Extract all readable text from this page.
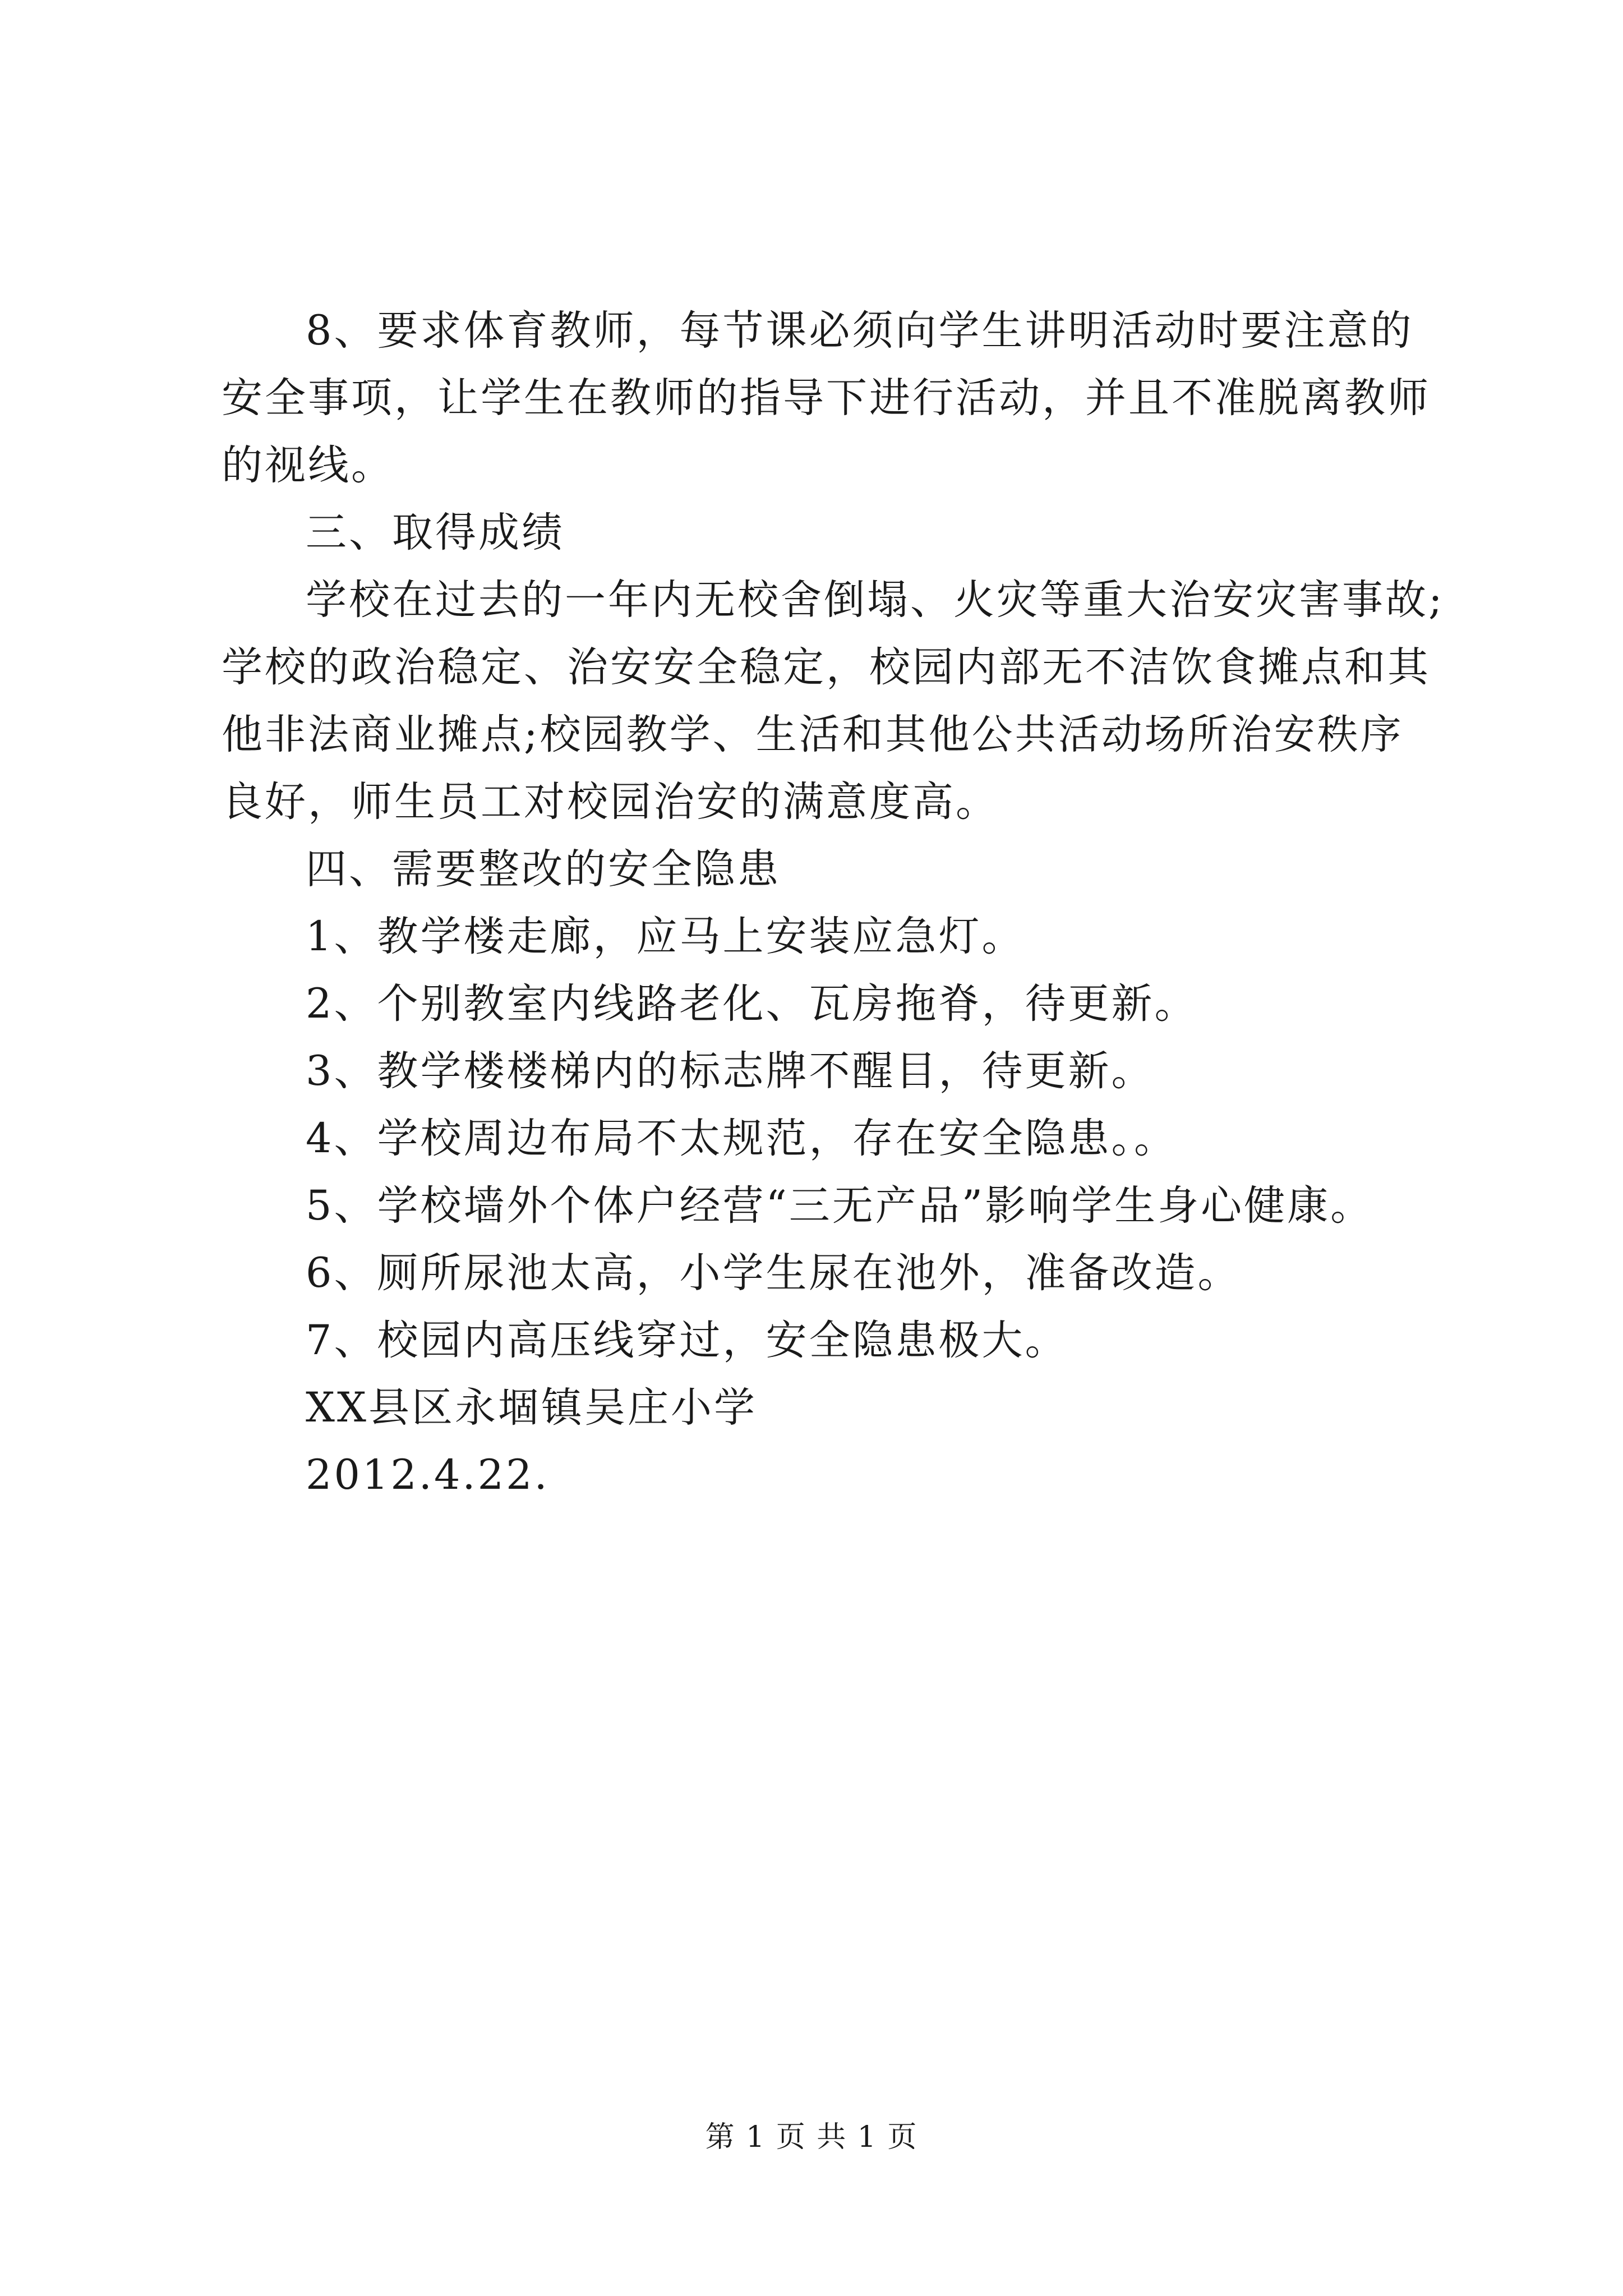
8、要求体育教师，每节课必须向学生讲明活动时要注意的
安全事项，让学生在教师的指导下进行活动，并且不准脱离教师
的视线。
三、取得成绩
学校在过去的一年内无校舍倒塌、火灾等重大治安灾害事故;
学校的政治稳定、治安安全稳定，校园内部无不洁饮食摊点和其
他非法商业摊点;校园教学、生活和其他公共活动场所治安秩序
良好，师生员工对校园治安的满意度高。
四、需要整改的安全隐患
1、教学楼走廊，应马上安装应急灯。
2、个别教室内线路老化、瓦房拖脊，待更新。
3、教学楼楼梯内的标志牌不醒目，待更新。
4、学校周边布局不太规范，存在安全隐患。。
5、学校墙外个体户经营“三无产品”影响学生身心健康。
6、厕所尿池太高，小学生尿在池外，准备改造。
7、校园内高压线穿过，安全隐患极大。
XX县区永堌镇吴庄小学
2012.4.22.
第 1 页 共 1 页
